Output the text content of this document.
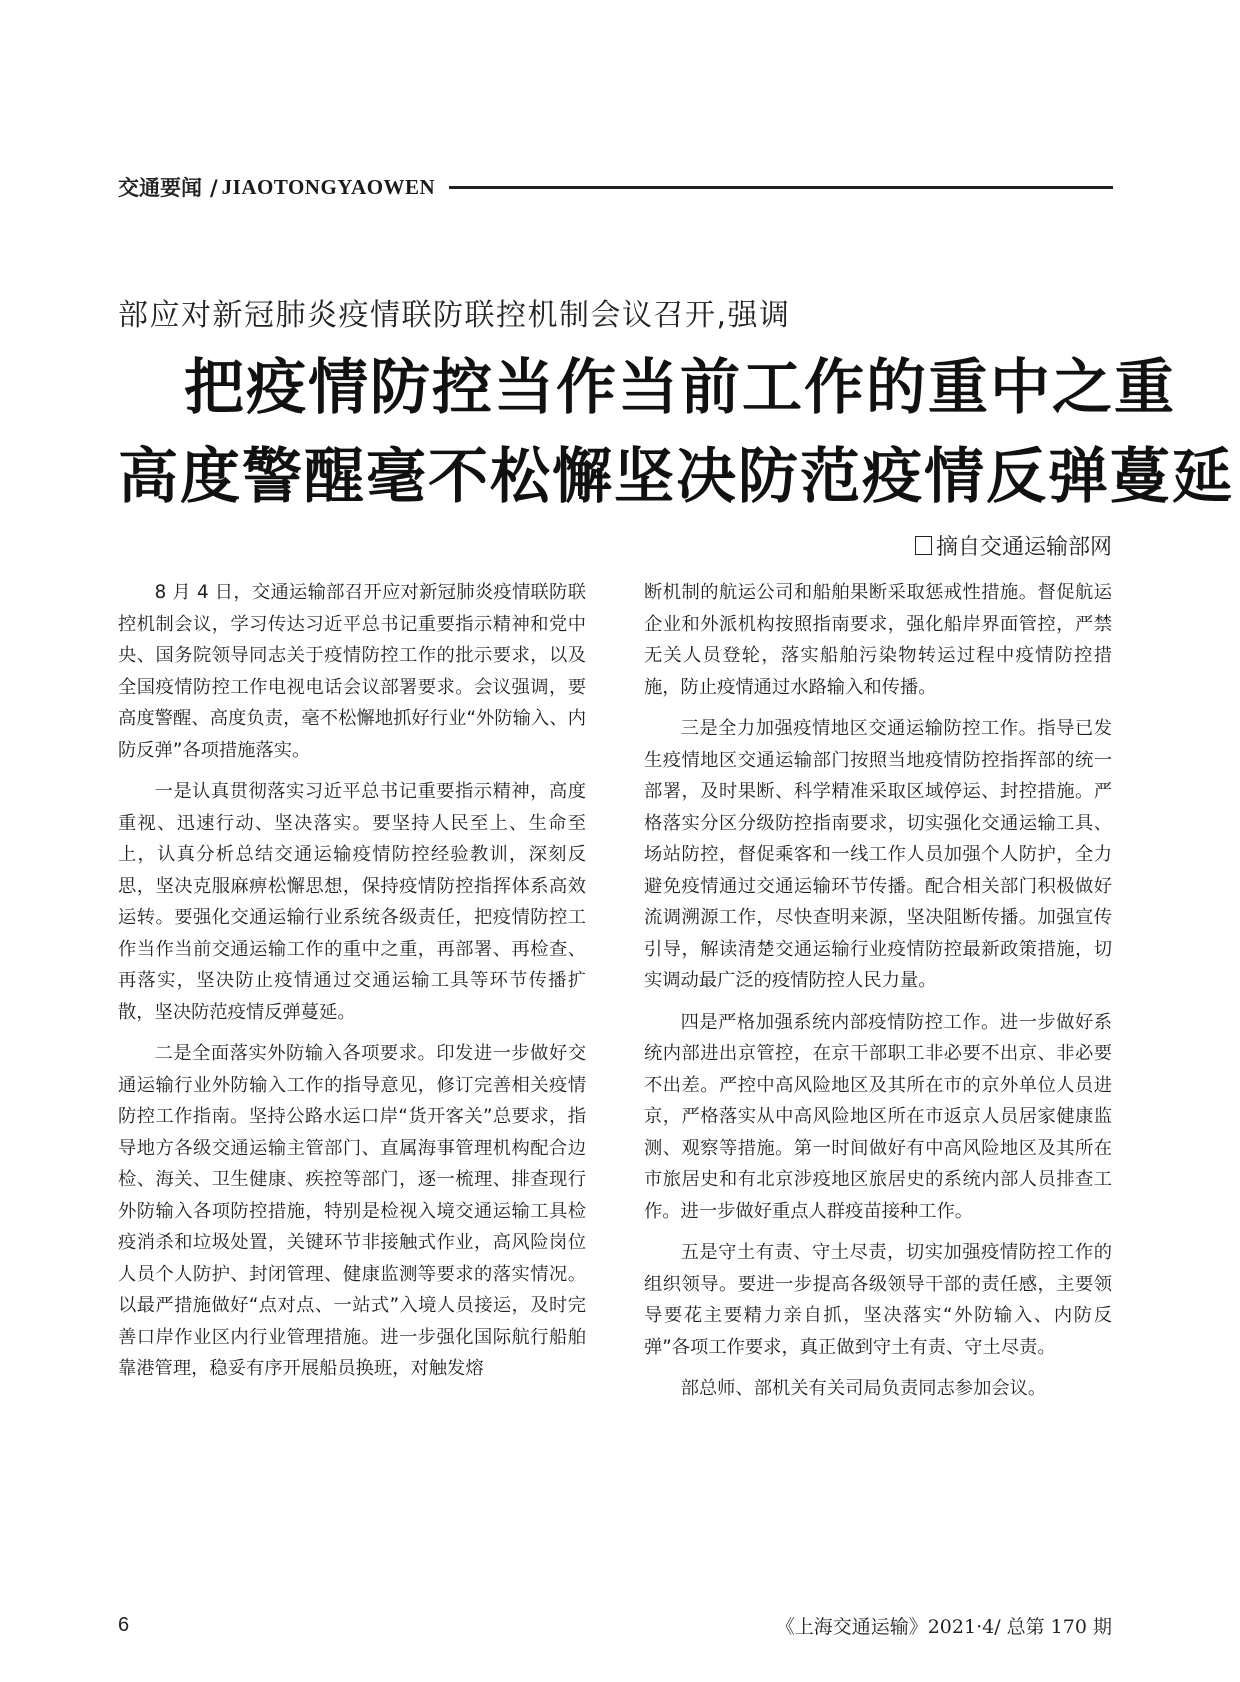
交通要闻 / JIAOTONGYAOWEN
部应对新冠肺炎疫情联防联控机制会议召开,强调
把疫情防控当作当前工作的重中之重
高度警醒毫不松懈坚决防范疫情反弹蔓延
摘自交通运输部网

8 月 4 日，交通运输部召开应对新冠肺炎疫情联防联控机制会议，学习传达习近平总书记重要指示精神和党中央、国务院领导同志关于疫情防控工作的批示要求，以及全国疫情防控工作电视电话会议部署要求。会议强调，要高度警醒、高度负责，毫不松懈地抓好行业“外防输入、内防反弹”各项措施落实。

一是认真贯彻落实习近平总书记重要指示精神，高度重视、迅速行动、坚决落实。要坚持人民至上、生命至上，认真分析总结交通运输疫情防控经验教训，深刻反思，坚决克服麻痹松懈思想，保持疫情防控指挥体系高效运转。要强化交通运输行业系统各级责任，把疫情防控工作当作当前交通运输工作的重中之重，再部署、再检查、再落实，坚决防止疫情通过交通运输工具等环节传播扩散，坚决防范疫情反弹蔓延。

二是全面落实外防输入各项要求。印发进一步做好交通运输行业外防输入工作的指导意见，修订完善相关疫情防控工作指南。坚持公路水运口岸“货开客关”总要求，指导地方各级交通运输主管部门、直属海事管理机构配合边检、海关、卫生健康、疾控等部门，逐一梳理、排查现行外防输入各项防控措施，特别是检视入境交通运输工具检疫消杀和垃圾处置，关键环节非接触式作业，高风险岗位人员个人防护、封闭管理、健康监测等要求的落实情况。以最严措施做好“点对点、一站式”入境人员接运，及时完善口岸作业区内行业管理措施。进一步强化国际航行船舶靠港管理，稳妥有序开展船员换班，对触发熔

断机制的航运公司和船舶果断采取惩戒性措施。督促航运企业和外派机构按照指南要求，强化船岸界面管控，严禁无关人员登轮，落实船舶污染物转运过程中疫情防控措施，防止疫情通过水路输入和传播。

三是全力加强疫情地区交通运输防控工作。指导已发生疫情地区交通运输部门按照当地疫情防控指挥部的统一部署，及时果断、科学精准采取区域停运、封控措施。严格落实分区分级防控指南要求，切实强化交通运输工具、场站防控，督促乘客和一线工作人员加强个人防护，全力避免疫情通过交通运输环节传播。配合相关部门积极做好流调溯源工作，尽快查明来源，坚决阻断传播。加强宣传引导，解读清楚交通运输行业疫情防控最新政策措施，切实调动最广泛的疫情防控人民力量。

四是严格加强系统内部疫情防控工作。进一步做好系统内部进出京管控，在京干部职工非必要不出京、非必要不出差。严控中高风险地区及其所在市的京外单位人员进京，严格落实从中高风险地区所在市返京人员居家健康监测、观察等措施。第一时间做好有中高风险地区及其所在市旅居史和有北京涉疫地区旅居史的系统内部人员排查工作。进一步做好重点人群疫苗接种工作。

五是守土有责、守土尽责，切实加强疫情防控工作的组织领导。要进一步提高各级领导干部的责任感，主要领导要花主要精力亲自抓，坚决落实“外防输入、内防反弹”各项工作要求，真正做到守土有责、守土尽责。

部总师、部机关有关司局负责同志参加会议。

6	《上海交通运输》2021·4/ 总第 170 期
